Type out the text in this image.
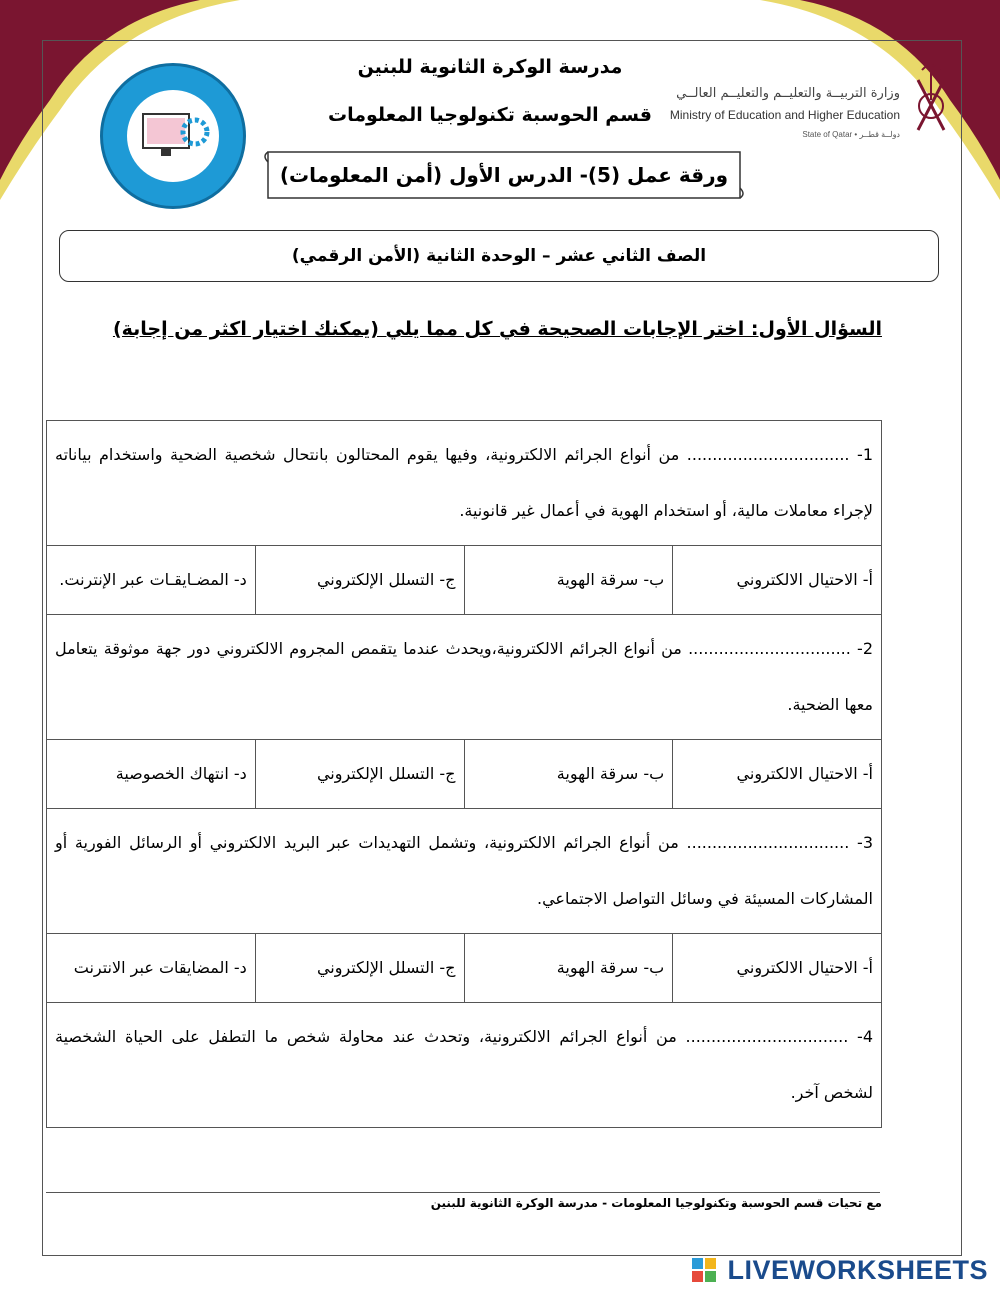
مدرسة الوكرة الثانوية للبنين
قسم الحوسبة تكنولوجيا المعلومات
وزارة التربيــة والتعليــم والتعليــم العالــي
Ministry of Education and Higher Education
State of Qatar • دولــة قطــر
ورقة عمل (5)- الدرس الأول (أمن المعلومات)
الصف الثاني عشر – الوحدة الثانية (الأمن الرقمي)
السؤال الأول: اختر الإجابات الصحيحة في كل مما يلي (يمكنك اختيار اكثر من إجابة)
1- ................................ من أنواع الجرائم الالكترونية، وفيها يقوم المحتالون بانتحال شخصية الضحية واستخدام بياناته لإجراء معاملات مالية، أو استخدام الهوية في أعمال غير قانونية.			
أ- الاحتيال الالكتروني	ب- سرقة الهوية	ج- التسلل الإلكتروني	د- المضـايقـات عبر الإنترنت.
2- ................................ من أنواع الجرائم الالكترونية،ويحدث عندما يتقمص المجروم الالكتروني دور جهة موثوقة يتعامل معها الضحية.			
أ- الاحتيال الالكتروني	ب- سرقة الهوية	ج- التسلل الإلكتروني	د- انتهاك الخصوصية
3- ................................ من أنواع الجرائم الالكترونية، وتشمل التهديدات عبر البريد الالكتروني أو الرسائل الفورية أو المشاركات المسيئة في وسائل التواصل الاجتماعي.			
أ- الاحتيال الالكتروني	ب- سرقة الهوية	ج- التسلل الإلكتروني	د- المضايقات عبر الانترنت
4- ................................ من أنواع الجرائم الالكترونية، وتحدث عند محاولة شخص ما التطفل على الحياة الشخصية لشخص آخر.			
مع تحيات قسم الحوسبة وتكنولوجيا المعلومات - مدرسة الوكرة الثانوية للبنين
LIVEWORKSHEETS
